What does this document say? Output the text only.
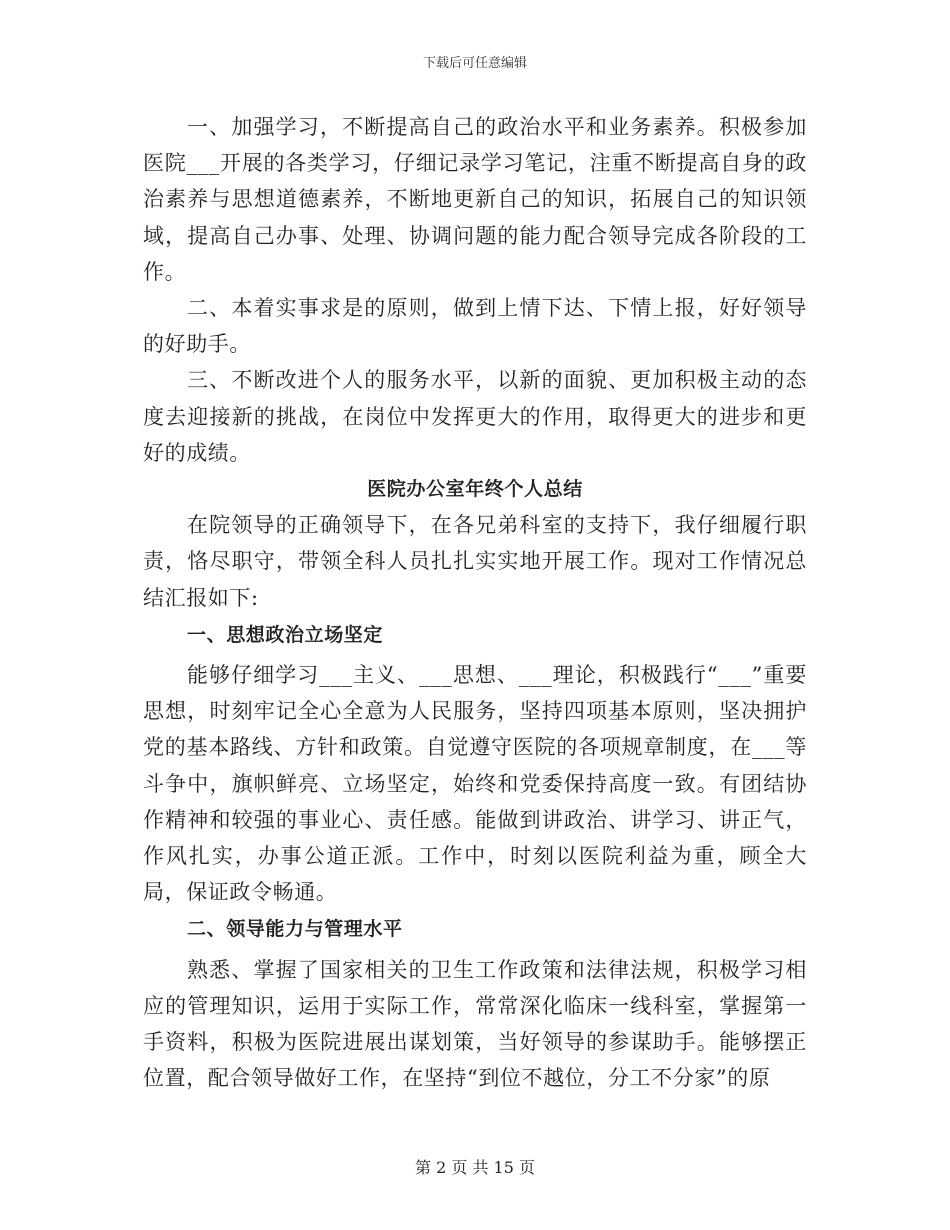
下载后可任意编辑

一、加强学习，不断提高自己的政治水平和业务素养。积极参加医院___开展的各类学习，仔细记录学习笔记，注重不断提高自身的政治素养与思想道德素养，不断地更新自己的知识，拓展自己的知识领域，提高自己办事、处理、协调问题的能力配合领导完成各阶段的工作。

二、本着实事求是的原则，做到上情下达、下情上报，好好领导的好助手。

三、不断改进个人的服务水平，以新的面貌、更加积极主动的态度去迎接新的挑战，在岗位中发挥更大的作用，取得更大的进步和更好的成绩。

医院办公室年终个人总结

在院领导的正确领导下，在各兄弟科室的支持下，我仔细履行职责，恪尽职守，带领全科人员扎扎实实地开展工作。现对工作情况总结汇报如下:

一、思想政治立场坚定

能够仔细学习___主义、___思想、___理论，积极践行“___”重要思想，时刻牢记全心全意为人民服务，坚持四项基本原则，坚决拥护党的基本路线、方针和政策。自觉遵守医院的各项规章制度，在___等斗争中，旗帜鲜亮、立场坚定，始终和党委保持高度一致。有团结协作精神和较强的事业心、责任感。能做到讲政治、讲学习、讲正气，作风扎实，办事公道正派。工作中，时刻以医院利益为重，顾全大局，保证政令畅通。

二、领导能力与管理水平

熟悉、掌握了国家相关的卫生工作政策和法律法规，积极学习相应的管理知识，运用于实际工作，常常深化临床一线科室，掌握第一手资料，积极为医院进展出谋划策，当好领导的参谋助手。能够摆正位置，配合领导做好工作，在坚持“到位不越位，分工不分家”的原

第 2 页 共 15 页
